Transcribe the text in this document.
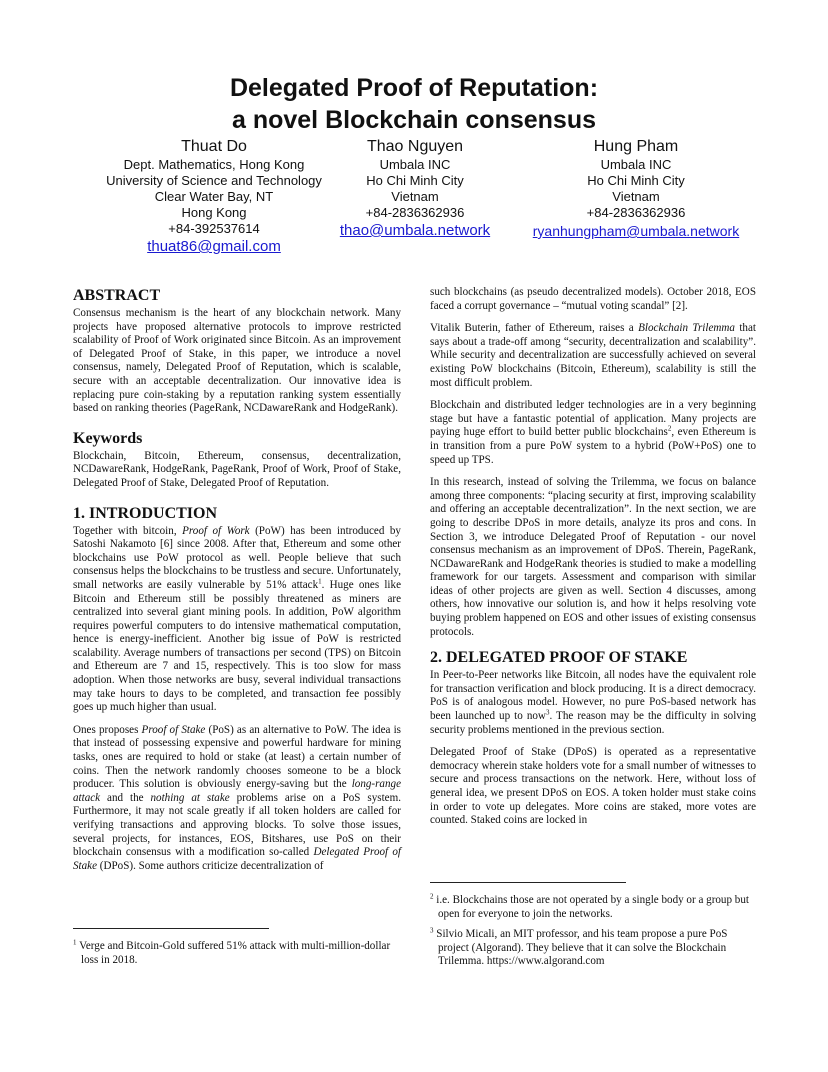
Delegated Proof of Reputation:
a novel Blockchain consensus
Thuat Do
Dept. Mathematics, Hong Kong
University of Science and Technology
Clear Water Bay, NT
Hong Kong
+84-392537614
thuat86@gmail.com
Thao Nguyen
Umbala INC
Ho Chi Minh City
Vietnam
+84-2836362936
thao@umbala.network
Hung Pham
Umbala INC
Ho Chi Minh City
Vietnam
+84-2836362936
ryanhungpham@umbala.network
ABSTRACT

Consensus mechanism is the heart of any blockchain network. Many projects have proposed alternative protocols to improve restricted scalability of Proof of Work originated since Bitcoin. As an improvement of Delegated Proof of Stake, in this paper, we introduce a novel consensus, namely, Delegated Proof of Reputation, which is scalable, secure with an acceptable decentralization. Our innovative idea is replacing pure coin-staking by a reputation ranking system essentially based on ranking theories (PageRank, NCDawareRank and HodgeRank).

Keywords

Blockchain, Bitcoin, Ethereum, consensus, decentralization, NCDawareRank, HodgeRank, PageRank, Proof of Work, Proof of Stake, Delegated Proof of Stake, Delegated Proof of Reputation.

1. INTRODUCTION

Together with bitcoin, Proof of Work (PoW) has been introduced by Satoshi Nakamoto [6] since 2008. After that, Ethereum and some other blockchains use PoW protocol as well. People believe that such consensus helps the blockchains to be trustless and secure. Unfortunately, small networks are easily vulnerable by 51% attack$^1$. Huge ones like Bitcoin and Ethereum still be possibly threatened as miners are centralized into several giant mining pools. In addition, PoW algorithm requires powerful computers to do intensive mathematical computation, hence is energy-inefficient. Another big issue of PoW is restricted scalability. Average numbers of transactions per second (TPS) on Bitcoin and Ethereum are 7 and 15, respectively. This is too slow for mass adoption. When those networks are busy, several individual transactions may take hours to days to be completed, and transaction fee possibly goes up much higher than usual.

Ones proposes Proof of Stake (PoS) as an alternative to PoW. The idea is that instead of possessing expensive and powerful hardware for mining tasks, ones are required to hold or stake (at least) a certain number of coins. Then the network randomly chooses someone to be a block producer. This solution is obviously energy-saving but the long-range attack and the nothing at stake problems arise on a PoS system. Furthermore, it may not scale greatly if all token holders are called for verifying transactions and approving blocks. To solve those issues, several projects, for instances, EOS, Bitshares, use PoS on their blockchain consensus with a modification so-called Delegated Proof of Stake (DPoS). Some authors criticize decentralization of

such blockchains (as pseudo decentralized models). October 2018, EOS faced a corrupt governance – “mutual voting scandal” [2].

Vitalik Buterin, father of Ethereum, raises a Blockchain Trilemma that says about a trade-off among “security, decentralization and scalability”. While security and decentralization are successfully achieved on several existing PoW blockchains (Bitcoin, Ethereum), scalability is still the most difficult problem.

Blockchain and distributed ledger technologies are in a very beginning stage but have a fantastic potential of application. Many projects are paying huge effort to build better public blockchains$^2$, even Ethereum is in transition from a pure PoW system to a hybrid (PoW+PoS) one to speed up TPS.

In this research, instead of solving the Trilemma, we focus on balance among three components: “placing security at first, improving scalability and offering an acceptable decentralization”. In the next section, we are going to describe DPoS in more details, analyze its pros and cons. In Section 3, we introduce Delegated Proof of Reputation - our novel consensus mechanism as an improvement of DPoS. Therein, PageRank, NCDawareRank and HodgeRank theories is studied to make a modelling framework for our targets. Assessment and comparison with similar ideas of other projects are given as well. Section 4 discusses, among others, how innovative our solution is, and how it helps resolving vote buying problem happened on EOS and other issues of existing consensus protocols.

2. DELEGATED PROOF OF STAKE

In Peer-to-Peer networks like Bitcoin, all nodes have the equivalent role for transaction verification and block producing. It is a direct democracy. PoS is of analogous model. However, no pure PoS-based network has been launched up to now$^3$. The reason may be the difficulty in solving security problems mentioned in the previous section.

Delegated Proof of Stake (DPoS) is operated as a representative democracy wherein stake holders vote for a small number of witnesses to secure and process transactions on the network. Here, without loss of general idea, we present DPoS on EOS. A token holder must stake coins in order to vote up delegates. More coins are staked, more votes are counted. Staked coins are locked in

$^1$ Verge and Bitcoin-Gold suffered 51% attack with multi-million-dollar loss in 2018.
$^2$ i.e. Blockchains those are not operated by a single body or a group but open for everyone to join the networks.
$^3$ Silvio Micali, an MIT professor, and his team propose a pure PoS project (Algorand). They believe that it can solve the Blockchain Trilemma. https://www.algorand.com
